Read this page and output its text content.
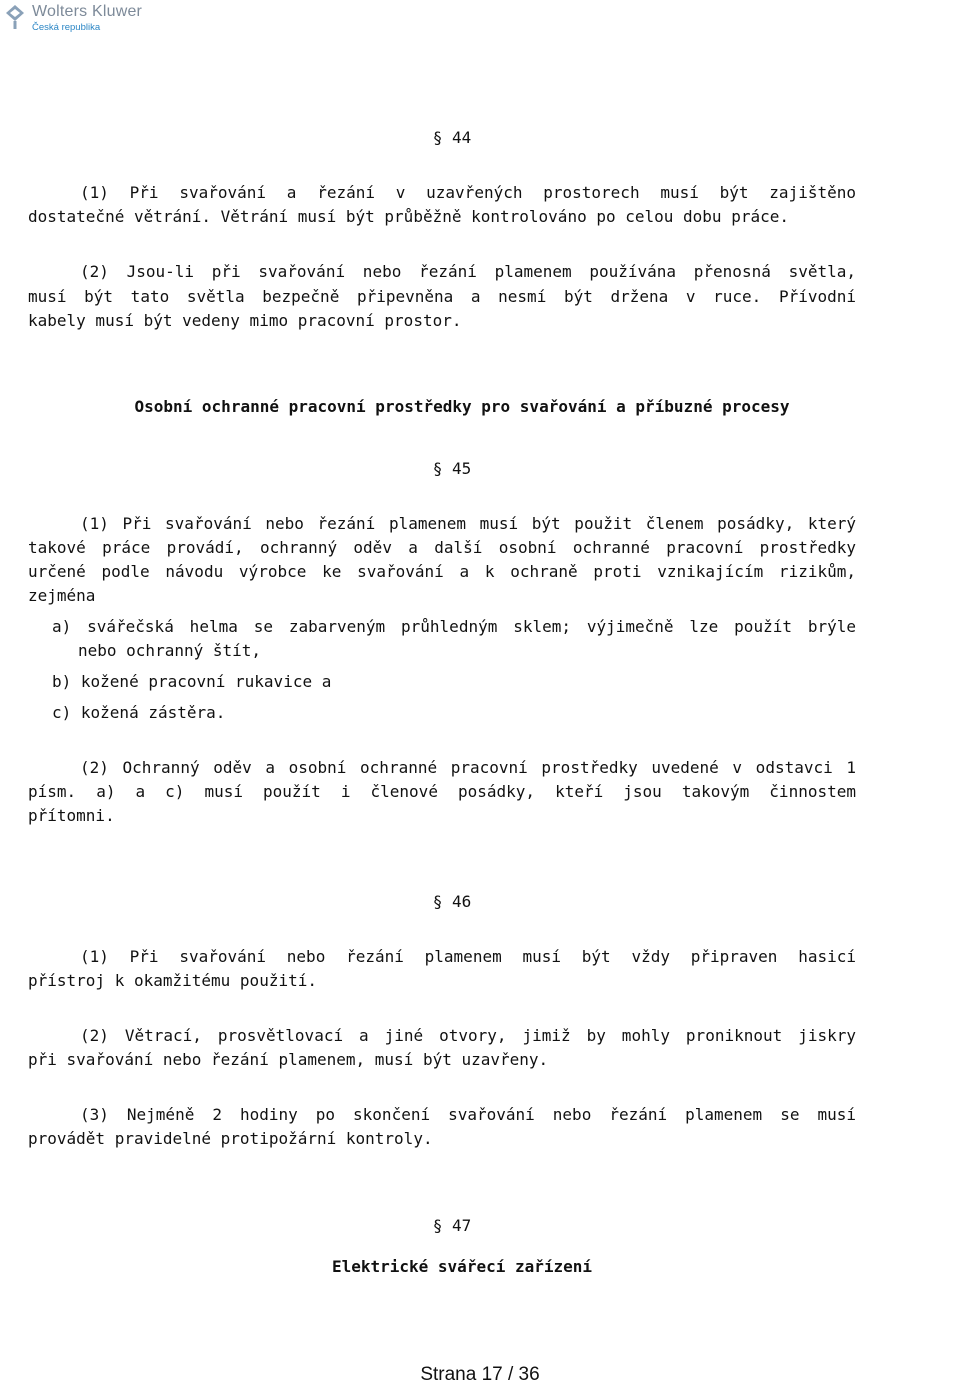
Wolters Kluwer
Česká republika
§ 44
(1) Při svařování a řezání v uzavřených prostorech musí být zajištěno
dostatečné větrání. Větrání musí být průběžně kontrolováno po celou dobu práce.
(2) Jsou-li při svařování nebo řezání plamenem používána přenosná světla,
musí být tato světla bezpečně připevněna a nesmí být držena v ruce. Přívodní
kabely musí být vedeny mimo pracovní prostor.
Osobní ochranné pracovní prostředky pro svařování a příbuzné procesy
§ 45
(1) Při svařování nebo řezání plamenem musí být použit členem posádky, který
takové práce provádí, ochranný oděv a další osobní ochranné pracovní prostředky
určené podle návodu výrobce ke svařování a k ochraně proti vznikajícím rizikům,
zejména
a) svářečská helma se zabarveným průhledným sklem; výjimečně lze použít brýle
nebo ochranný štít,
b) kožené pracovní rukavice a
c) kožená zástěra.
(2) Ochranný oděv a osobní ochranné pracovní prostředky uvedené v odstavci 1
písm. a) a c) musí použít i členové posádky, kteří jsou takovým činnostem
přítomni.
§ 46
(1) Při svařování nebo řezání plamenem musí být vždy připraven hasicí
přístroj k okamžitému použití.
(2) Větrací, prosvětlovací a jiné otvory, jimiž by mohly proniknout jiskry
při svařování nebo řezání plamenem, musí být uzavřeny.
(3) Nejméně 2 hodiny po skončení svařování nebo řezání plamenem se musí
provádět pravidelné protipožární kontroly.
§ 47
Elektrické svářecí zařízení
Strana 17 / 36
